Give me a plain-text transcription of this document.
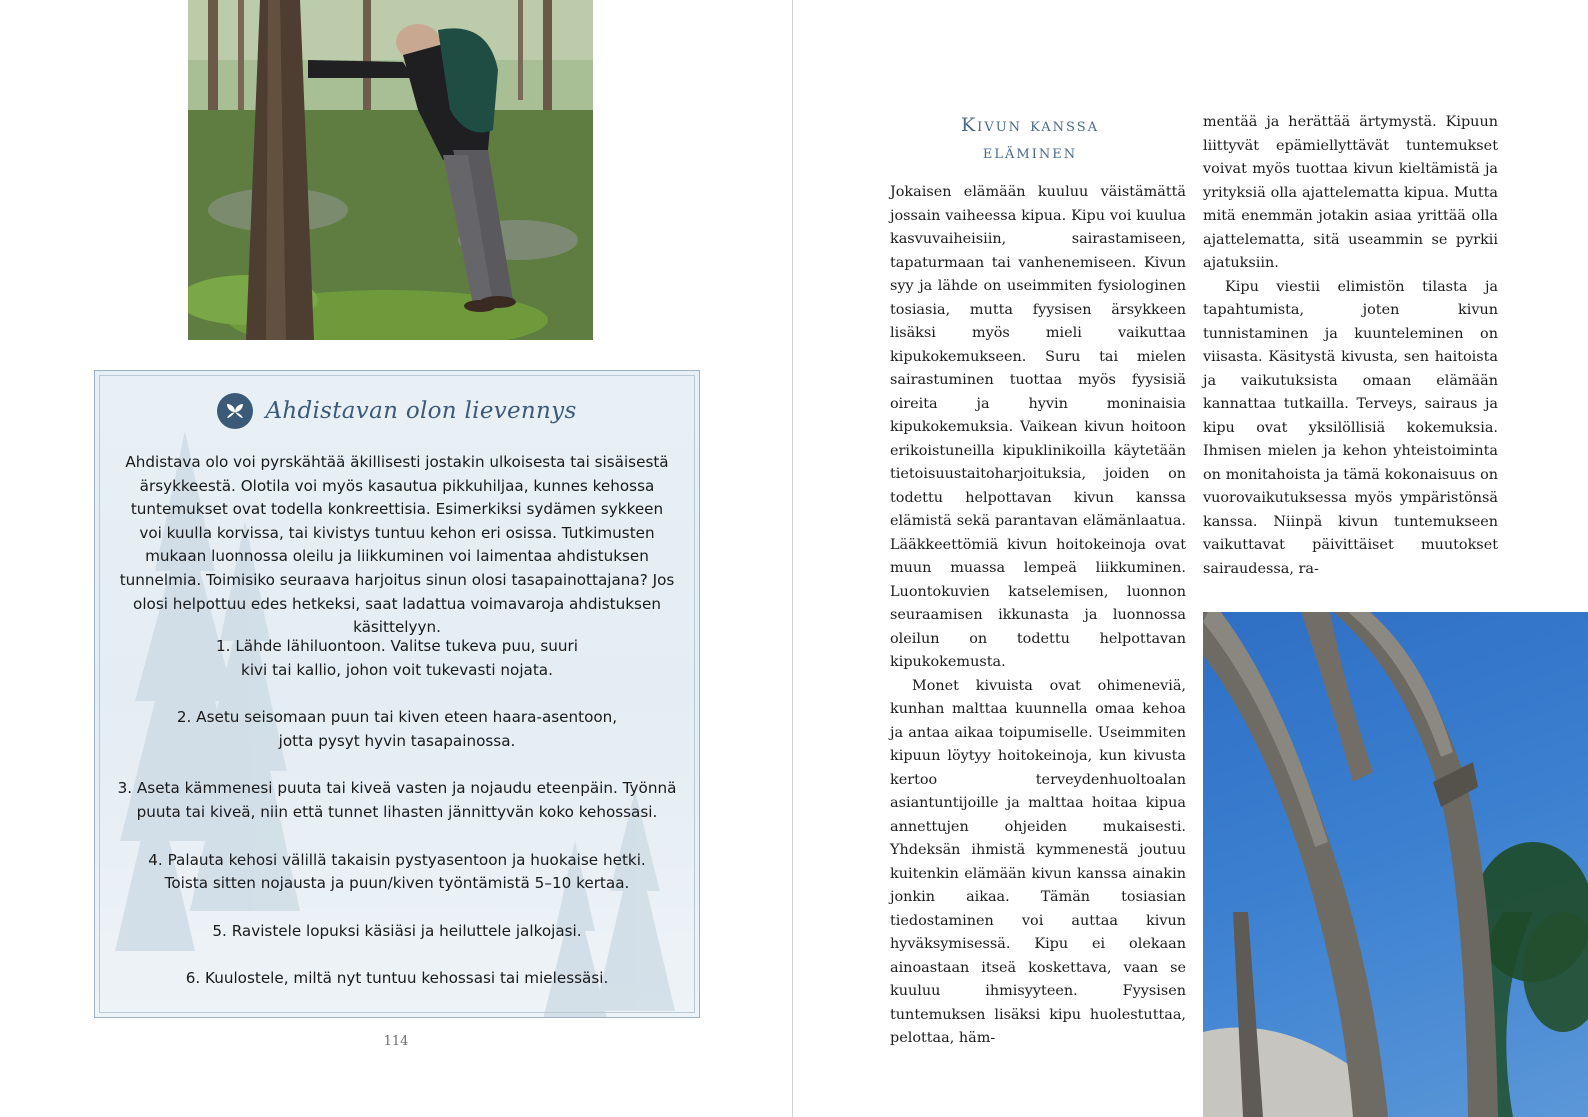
Ahdistavan olon lievennys

Ahdistava olo voi pyrskähtää äkillisesti jostakin ulkoisesta tai sisäisestä ärsykkeestä. Olotila voi myös kasautua pikkuhiljaa, kunnes kehossa tuntemukset ovat todella konkreettisia. Esimerkiksi sydämen sykkeen voi kuulla korvissa, tai kivistys tuntuu kehon eri osissa. Tutkimusten mukaan luonnossa oleilu ja liikkuminen voi laimentaa ahdistuksen tunnelmia. Toimisiko seuraava harjoitus sinun olosi tasapainottajana? Jos olosi helpottuu edes hetkeksi, saat ladattua voimavaroja ahdistuksen käsittelyyn.

1. Lähde lähiluontoon. Valitse tukeva puu, suuri
kivi tai kallio, johon voit tukevasti nojata.
2. Asetu seisomaan puun tai kiven eteen haara-asentoon,
jotta pysyt hyvin tasapainossa.
3. Aseta kämmenesi puuta tai kiveä vasten ja nojaudu eteenpäin. Työnnä
puuta tai kiveä, niin että tunnet lihasten jännittyvän koko kehossasi.
4. Palauta kehosi välillä takaisin pystyasentoon ja huokaise hetki.
Toista sitten nojausta ja puun/kiven työntämistä 5–10 kertaa.
5. Ravistele lopuksi käsiäsi ja heiluttele jalkojasi.
6. Kuulostele, miltä nyt tuntuu kehossasi tai mielessäsi.
114
Kivun kanssa
eläminen

Jokaisen elämään kuuluu väistämättä jossain vaiheessa kipua. Kipu voi kuulua kasvuvaiheisiin, sairastamiseen, tapaturmaan tai vanhenemiseen. Kivun syy ja lähde on useimmiten fysiologinen tosiasia, mutta fyysisen ärsykkeen lisäksi myös mieli vaikuttaa kipukokemukseen. Suru tai mielen sairastuminen tuottaa myös fyysisiä oireita ja hyvin moninaisia kipukokemuksia. Vaikean kivun hoitoon erikoistuneilla kipuklinikoilla käytetään tietoisuustaitoharjoituksia, joiden on todettu helpottavan kivun kanssa elämistä sekä parantavan elämänlaatua. Lääkkeettömiä kivun hoitokeinoja ovat muun muassa lempeä liikkuminen. Luontokuvien katselemisen, luonnon seuraamisen ikkunasta ja luonnossa oleilun on todettu helpottavan kipukokemusta.

Monet kivuista ovat ohimeneviä, kunhan malttaa kuunnella omaa kehoa ja antaa aikaa toipumiselle. Useimmiten kipuun löytyy hoitokeinoja, kun kivusta kertoo terveydenhuoltoalan asiantuntijoille ja malttaa hoitaa kipua annettujen ohjeiden mukaisesti. Yhdeksän ihmistä kymmenestä joutuu kuitenkin elämään kivun kanssa ainakin jonkin aikaa. Tämän tosiasian tiedostaminen voi auttaa kivun hyväksymisessä. Kipu ei olekaan ainoastaan itseä koskettava, vaan se kuuluu ihmisyyteen. Fyysisen tuntemuksen lisäksi kipu huolestuttaa, pelottaa, häm-

mentää ja herättää ärtymystä. Kipuun liittyvät epämiellyttävät tuntemukset voivat myös tuottaa kivun kieltämistä ja yrityksiä olla ajattelematta kipua. Mutta mitä enemmän jotakin asiaa yrittää olla ajattelematta, sitä useammin se pyrkii ajatuksiin.

Kipu viestii elimistön tilasta ja tapahtumista, joten kivun tunnistaminen ja kuunteleminen on viisasta. Käsitystä kivusta, sen haitoista ja vaikutuksista omaan elämään kannattaa tutkailla. Terveys, sairaus ja kipu ovat yksilöllisiä kokemuksia. Ihmisen mielen ja kehon yhteistoiminta on monitahoista ja tämä kokonaisuus on vuorovaikutuksessa myös ympäristönsä kanssa. Niinpä kivun tuntemukseen vaikuttavat päivittäiset muutokset sairaudessa, ra-
